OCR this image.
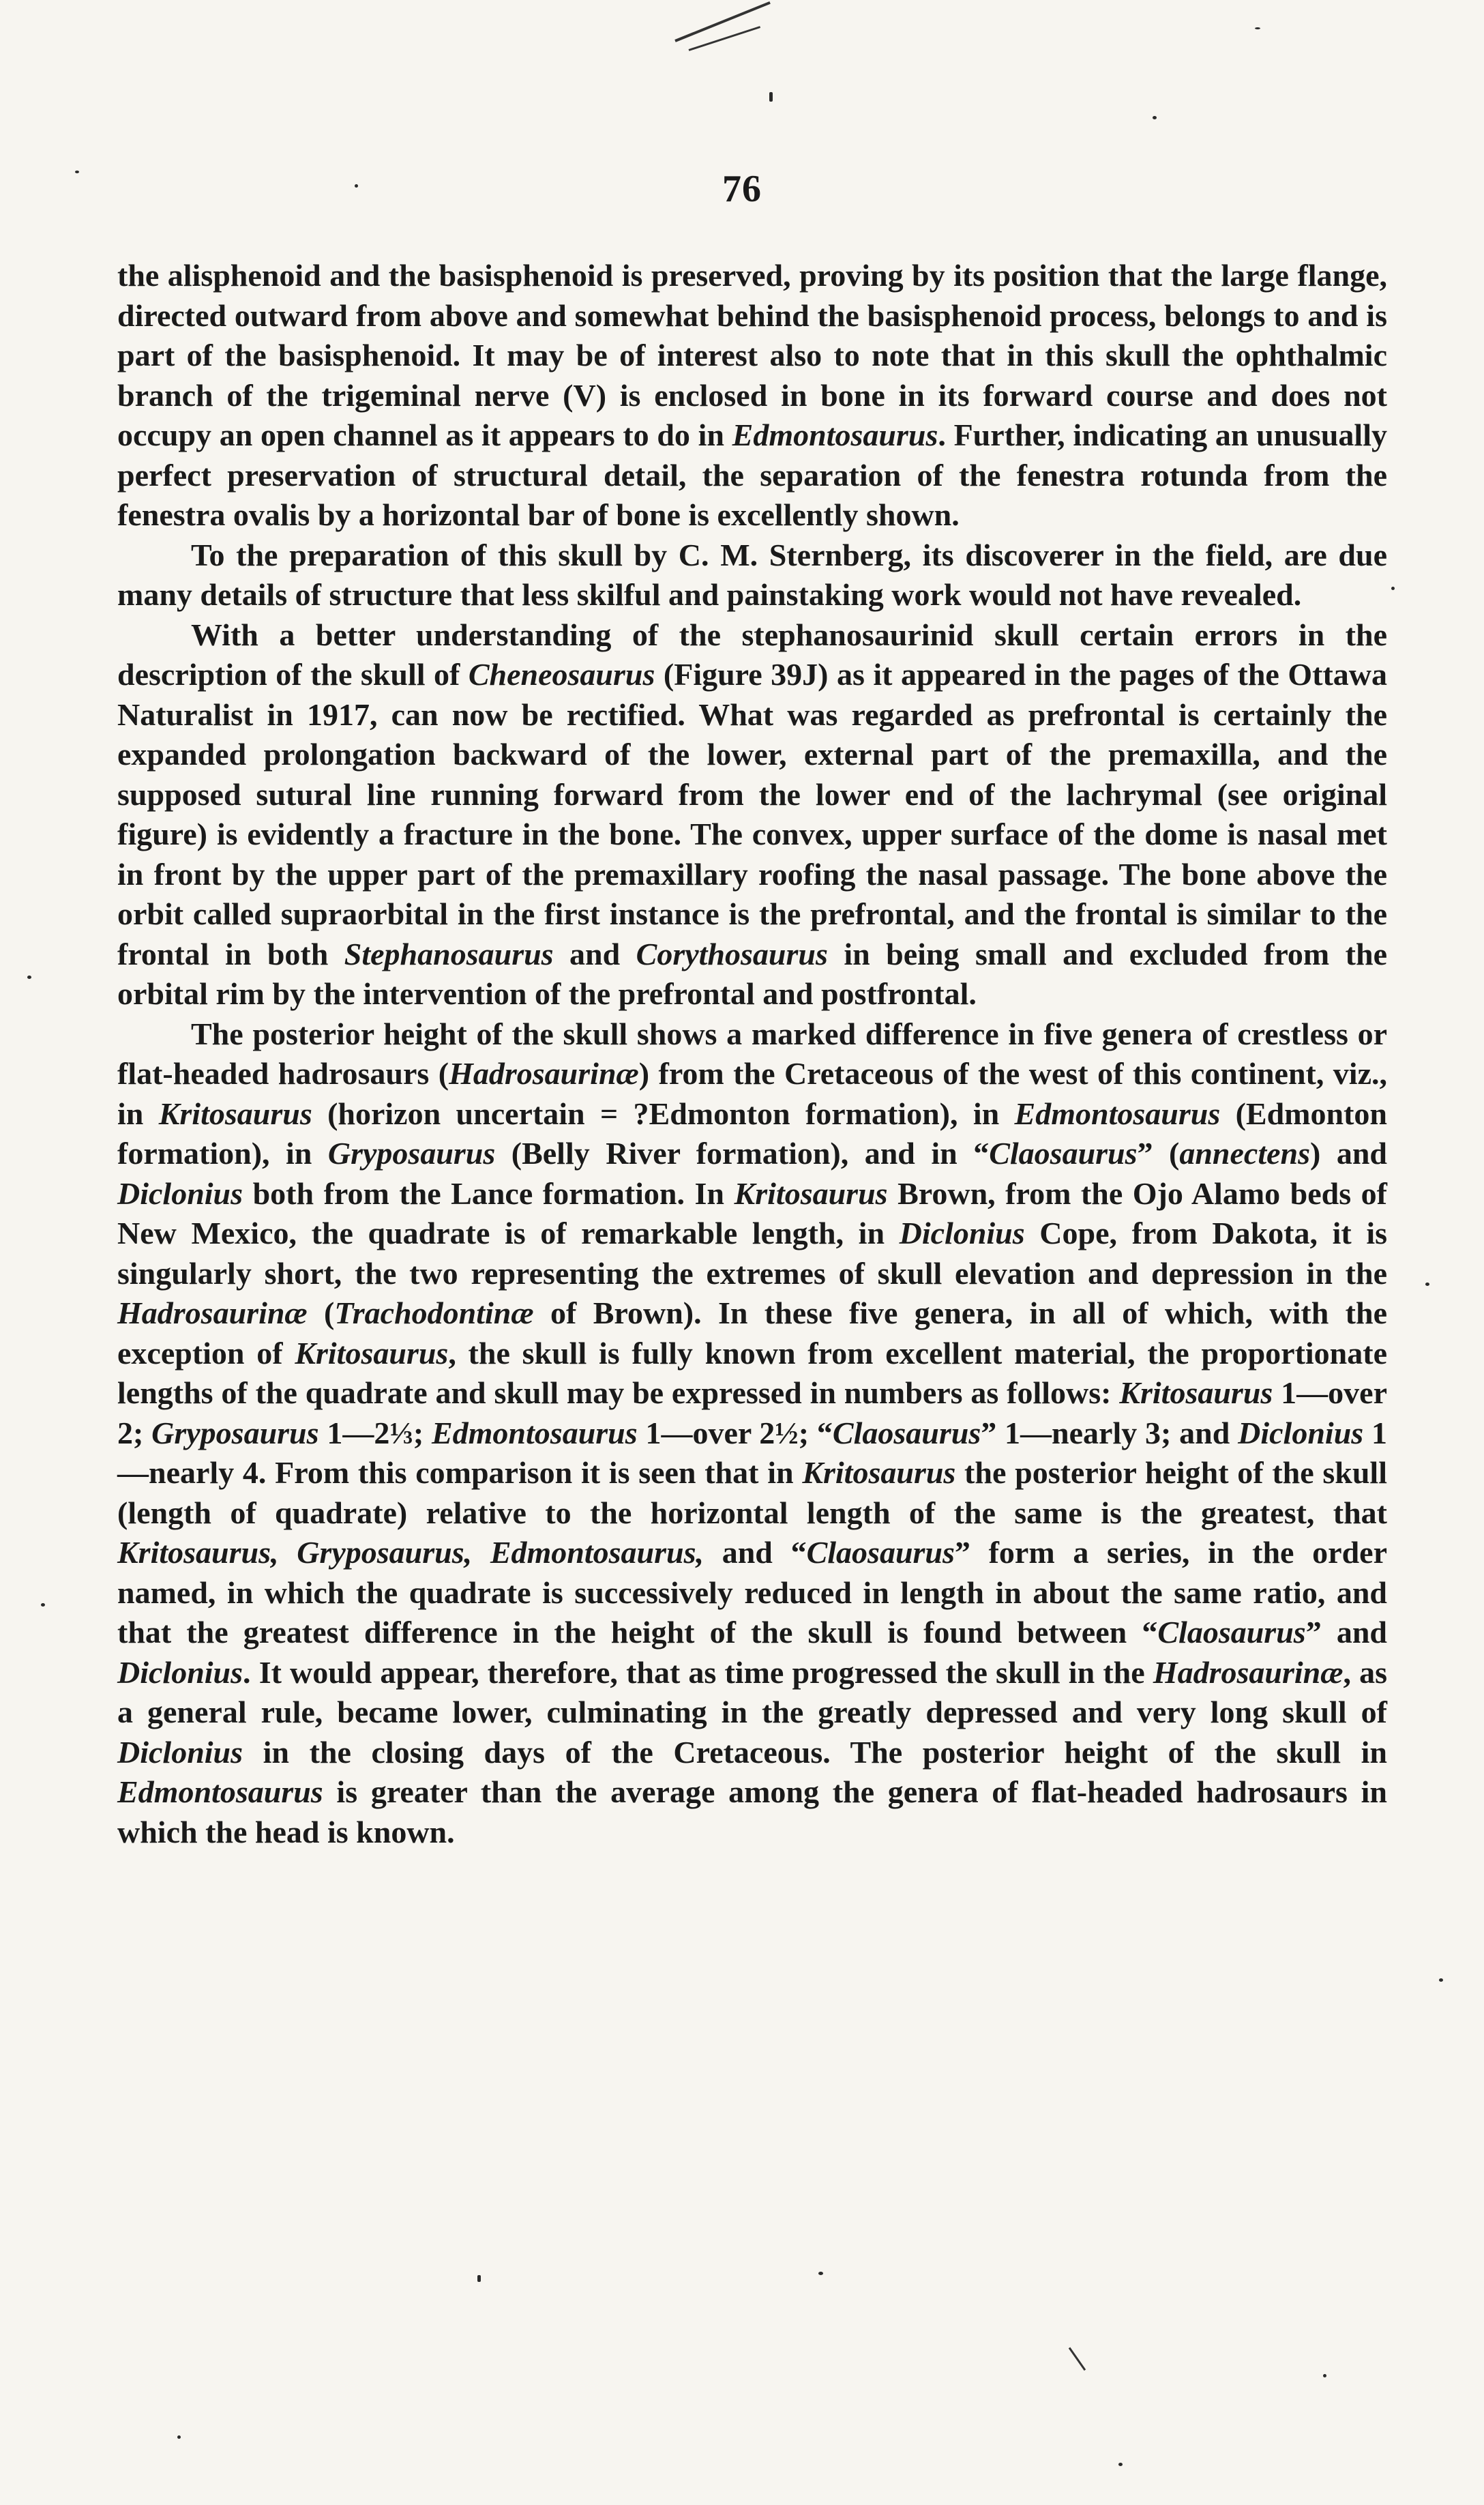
76

the alisphenoid and the basisphenoid is preserved, proving by its position that the large flange, directed outward from above and somewhat behind the basisphenoid process, belongs to and is part of the basisphenoid. It may be of interest also to note that in this skull the ophthalmic branch of the trigeminal nerve (V) is enclosed in bone in its forward course and does not occupy an open channel as it appears to do in Edmontosaurus. Further, indicating an unusually perfect preservation of structural detail, the separation of the fenestra rotunda from the fenestra ovalis by a horizontal bar of bone is excellently shown.

To the preparation of this skull by C. M. Sternberg, its discoverer in the field, are due many details of structure that less skilful and painstaking work would not have revealed.

With a better understanding of the stephanosaurinid skull certain errors in the description of the skull of Cheneosaurus (Figure 39J) as it appeared in the pages of the Ottawa Naturalist in 1917, can now be rectified. What was regarded as prefrontal is certainly the expanded prolongation backward of the lower, external part of the premaxilla, and the supposed sutural line running forward from the lower end of the lachrymal (see original figure) is evidently a fracture in the bone. The convex, upper surface of the dome is nasal met in front by the upper part of the premaxillary roofing the nasal passage. The bone above the orbit called supraorbital in the first instance is the prefrontal, and the frontal is similar to the frontal in both Stephanosaurus and Corythosaurus in being small and excluded from the orbital rim by the intervention of the prefrontal and postfrontal.

The posterior height of the skull shows a marked difference in five genera of crestless or flat-headed hadrosaurs (Hadrosaurinæ) from the Cretaceous of the west of this continent, viz., in Kritosaurus (horizon uncertain = ?Edmonton formation), in Edmontosaurus (Edmonton formation), in Gryposaurus (Belly River formation), and in “Claosaurus” (annectens) and Diclonius both from the Lance formation. In Kritosaurus Brown, from the Ojo Alamo beds of New Mexico, the quadrate is of remarkable length, in Diclonius Cope, from Dakota, it is singularly short, the two representing the extremes of skull elevation and depression in the Hadrosaurinæ (Trachodontinæ of Brown). In these five genera, in all of which, with the exception of Kritosaurus, the skull is fully known from excellent material, the proportionate lengths of the quadrate and skull may be expressed in numbers as follows: Kritosaurus 1—over 2; Gryposaurus 1—2⅓; Edmontosaurus 1—over 2½; “Claosaurus” 1—nearly 3; and Diclonius 1—nearly 4. From this comparison it is seen that in Kritosaurus the posterior height of the skull (length of quadrate) relative to the horizontal length of the same is the greatest, that Kritosaurus, Gryposaurus, Edmontosaurus, and “Claosaurus” form a series, in the order named, in which the quadrate is successively reduced in length in about the same ratio, and that the greatest difference in the height of the skull is found between “Claosaurus” and Diclonius. It would appear, therefore, that as time progressed the skull in the Hadrosaurinæ, as a general rule, became lower, culminating in the greatly depressed and very long skull of Diclonius in the closing days of the Cretaceous. The posterior height of the skull in Edmontosaurus is greater than the average among the genera of flat-headed hadrosaurs in which the head is known.
